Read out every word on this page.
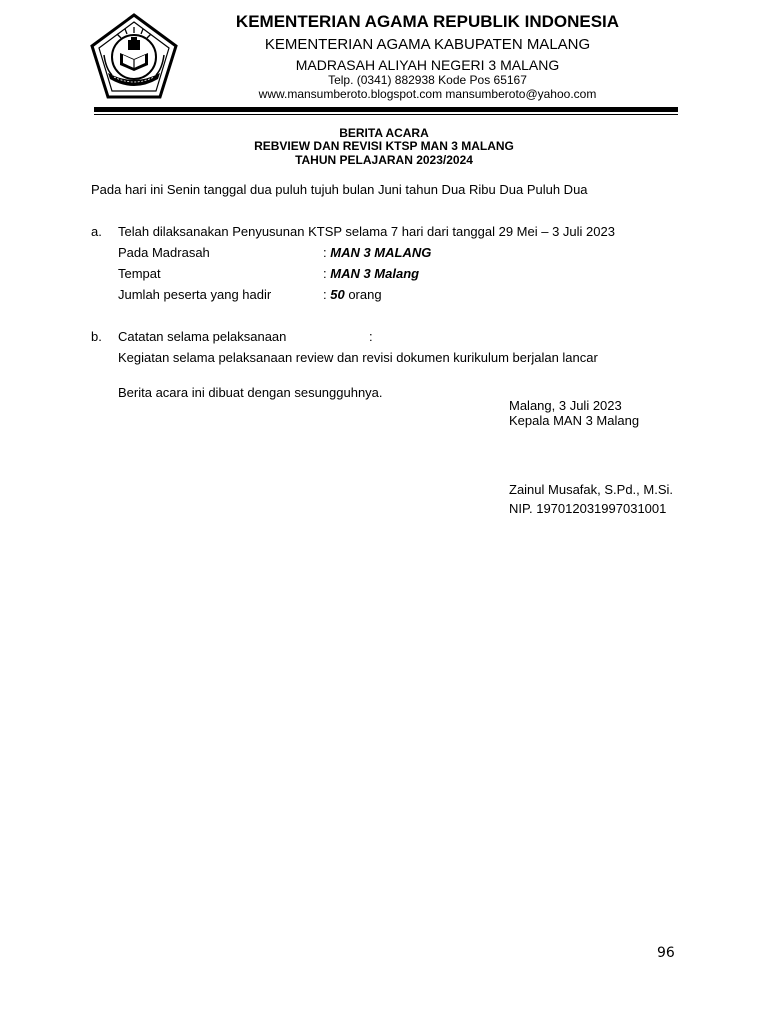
KEMENTERIAN AGAMA REPUBLIK INDONESIA
KEMENTERIAN AGAMA KABUPATEN MALANG
MADRASAH ALIYAH NEGERI 3 MALANG
Telp. (0341) 882938 Kode Pos 65167
www.mansumberoto.blogspot.com mansumberoto@yahoo.com
BERITA ACARA
REBVIEW DAN REVISI KTSP MAN 3 MALANG
TAHUN PELAJARAN 2023/2024
Pada hari ini Senin tanggal dua puluh tujuh bulan Juni tahun Dua Ribu Dua Puluh Dua
a. Telah dilaksanakan Penyusunan KTSP selama 7 hari dari tanggal 29 Mei – 3 Juli 2023
Pada Madrasah	: MAN 3 MALANG
Tempat	: MAN 3 Malang
Jumlah peserta yang hadir	: 50 orang
b. Catatan selama pelaksanaan	:
Kegiatan selama pelaksanaan review dan revisi dokumen kurikulum berjalan lancar
Berita acara ini dibuat dengan sesungguhnya.
Malang, 3 Juli 2023
Kepala MAN 3 Malang
Zainul Musafak, S.Pd., M.Si.
NIP. 197012031997031001
96
